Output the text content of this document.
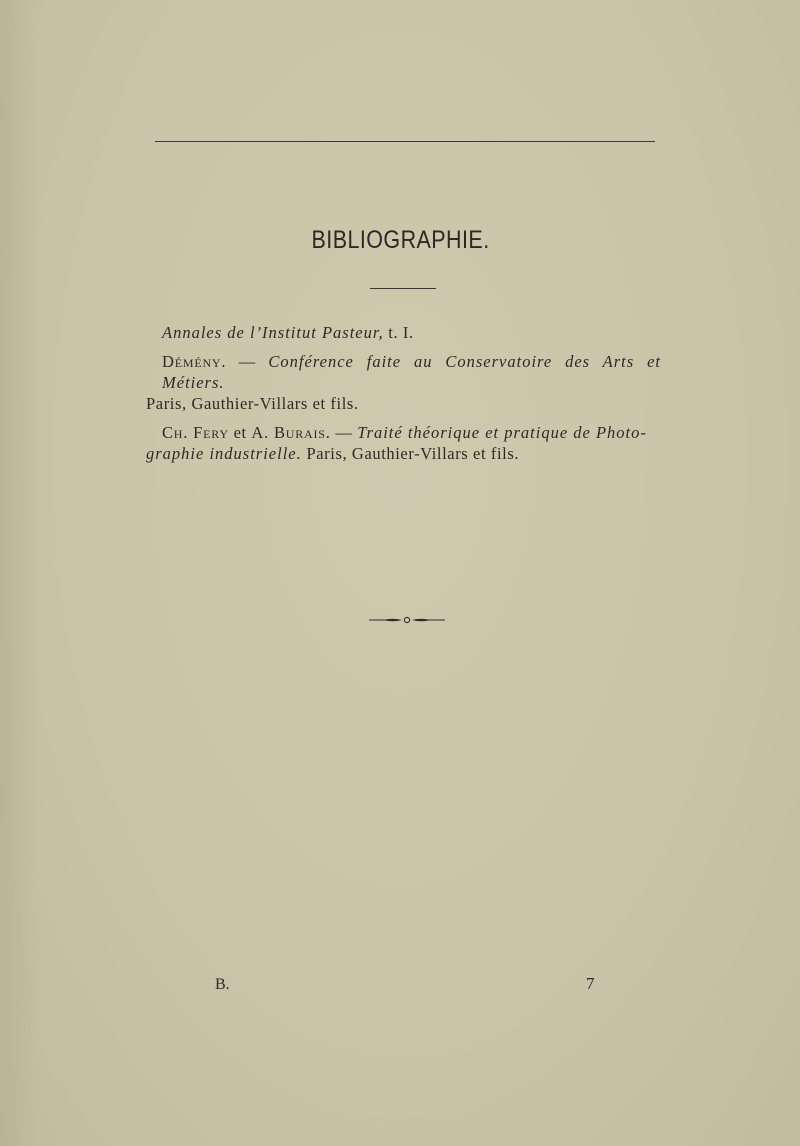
BIBLIOGRAPHIE.

Annales de l’Institut Pasteur, t. I.

Démény. — Conférence faite au Conservatoire des Arts et Métiers.
Paris, Gauthier-Villars et fils.

Ch. Fery et A. Burais. — Traité théorique et pratique de Photo-
graphie industrielle. Paris, Gauthier-Villars et fils.

B.	7
